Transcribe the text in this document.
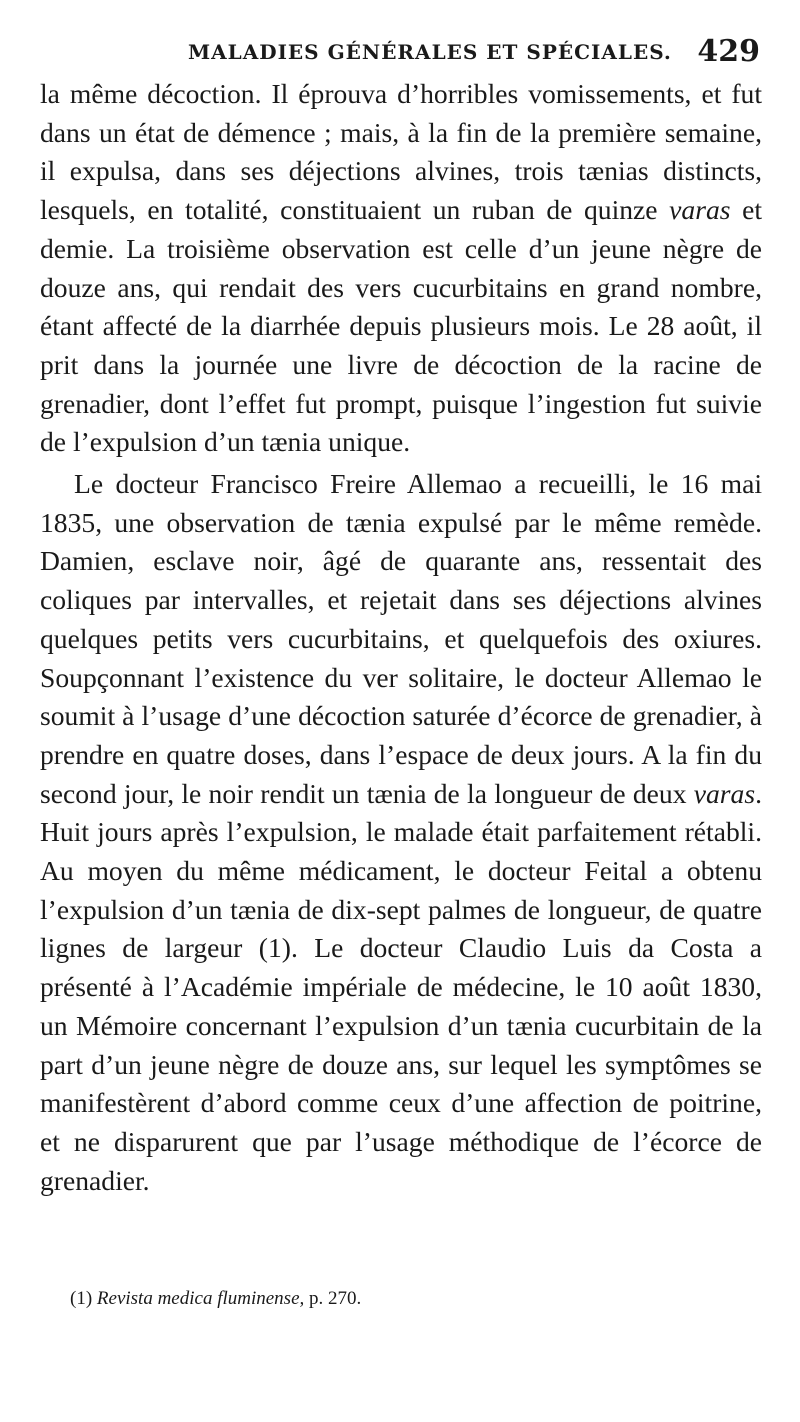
MALADIES GÉNÉRALES ET SPÉCIALES. 429

la même décoction. Il éprouva d’horribles vomissements, et fut dans un état de démence ; mais, à la fin de la première semaine, il expulsa, dans ses déjections alvines, trois tænias distincts, lesquels, en totalité, constituaient un ruban de quinze varas et demie. La troisième observation est celle d’un jeune nègre de douze ans, qui rendait des vers cucurbitains en grand nombre, étant affecté de la diarrhée depuis plusieurs mois. Le 28 août, il prit dans la journée une livre de décoction de la racine de grenadier, dont l’effet fut prompt, puisque l’ingestion fut suivie de l’expulsion d’un tænia unique.

Le docteur Francisco Freire Allemao a recueilli, le 16 mai 1835, une observation de tænia expulsé par le même remède. Damien, esclave noir, âgé de quarante ans, ressentait des coliques par intervalles, et rejetait dans ses déjections alvines quelques petits vers cucurbitains, et quelquefois des oxiures. Soupçonnant l’existence du ver solitaire, le docteur Allemao le soumit à l’usage d’une décoction saturée d’écorce de grenadier, à prendre en quatre doses, dans l’espace de deux jours. A la fin du second jour, le noir rendit un tænia de la longueur de deux varas. Huit jours après l’expulsion, le malade était parfaitement rétabli. Au moyen du même médicament, le docteur Feital a obtenu l’expulsion d’un tænia de dix-sept palmes de longueur, de quatre lignes de largeur (1). Le docteur Claudio Luis da Costa a présenté à l’Académie impériale de médecine, le 10 août 1830, un Mémoire concernant l’expulsion d’un tænia cucurbitain de la part d’un jeune nègre de douze ans, sur lequel les symptômes se manifestèrent d’abord comme ceux d’une affection de poitrine, et ne disparurent que par l’usage méthodique de l’écorce de grenadier.

(1) Revista medica fluminense, p. 270.
